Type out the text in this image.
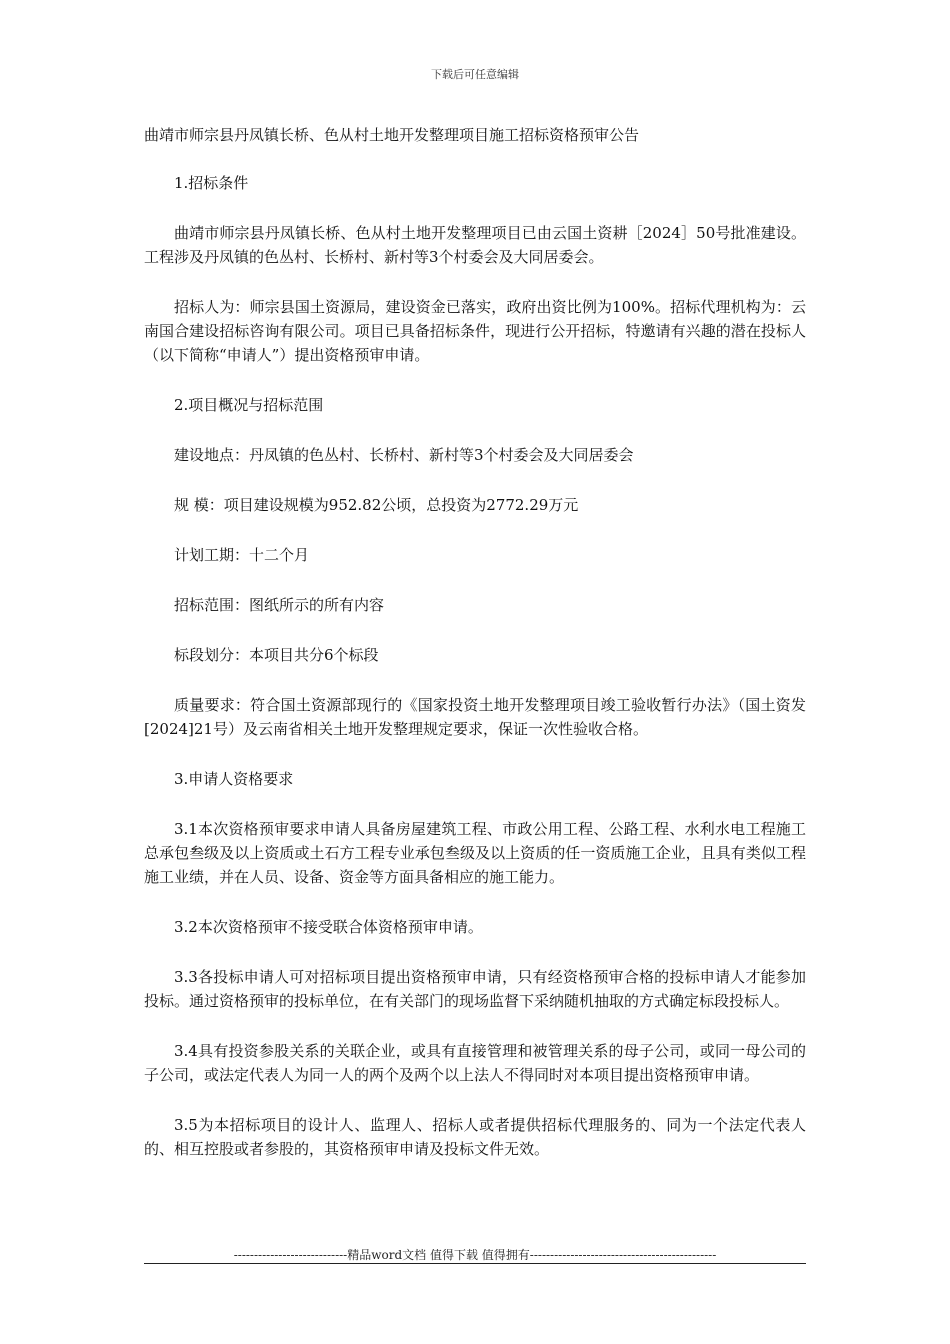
下载后可任意编辑
曲靖市师宗县丹凤镇长桥、色从村土地开发整理项目施工招标资格预审公告

1.招标条件

曲靖市师宗县丹凤镇长桥、色从村土地开发整理项目已由云国土资耕［2024］50号批准建设。工程涉及丹凤镇的色丛村、长桥村、新村等3个村委会及大同居委会。

招标人为：师宗县国土资源局，建设资金已落实，政府出资比例为100%。招标代理机构为：云南国合建设招标咨询有限公司。项目已具备招标条件，现进行公开招标，特邀请有兴趣的潜在投标人（以下简称“申请人”）提出资格预审申请。

2.项目概况与招标范围

建设地点：丹凤镇的色丛村、长桥村、新村等3个村委会及大同居委会

规 模：项目建设规模为952.82公顷，总投资为2772.29万元

计划工期：十二个月

招标范围：图纸所示的所有内容

标段划分：本项目共分6个标段

质量要求：符合国土资源部现行的《国家投资土地开发整理项目竣工验收暂行办法》（国土资发[2024]21号）及云南省相关土地开发整理规定要求，保证一次性验收合格。

3.申请人资格要求

3.1本次资格预审要求申请人具备房屋建筑工程、市政公用工程、公路工程、水利水电工程施工总承包叁级及以上资质或土石方工程专业承包叁级及以上资质的任一资质施工企业，且具有类似工程施工业绩，并在人员、设备、资金等方面具备相应的施工能力。

3.2本次资格预审不接受联合体资格预审申请。

3.3各投标申请人可对招标项目提出资格预审申请，只有经资格预审合格的投标申请人才能参加投标。通过资格预审的投标单位，在有关部门的现场监督下采纳随机抽取的方式确定标段投标人。

3.4具有投资参股关系的关联企业，或具有直接管理和被管理关系的母子公司，或同一母公司的子公司，或法定代表人为同一人的两个及两个以上法人不得同时对本项目提出资格预审申请。

3.5为本招标项目的设计人、监理人、招标人或者提供招标代理服务的、同为一个法定代表人的、相互控股或者参股的，其资格预审申请及投标文件无效。

----------------------------精品word文档 值得下载 值得拥有----------------------------------------------
